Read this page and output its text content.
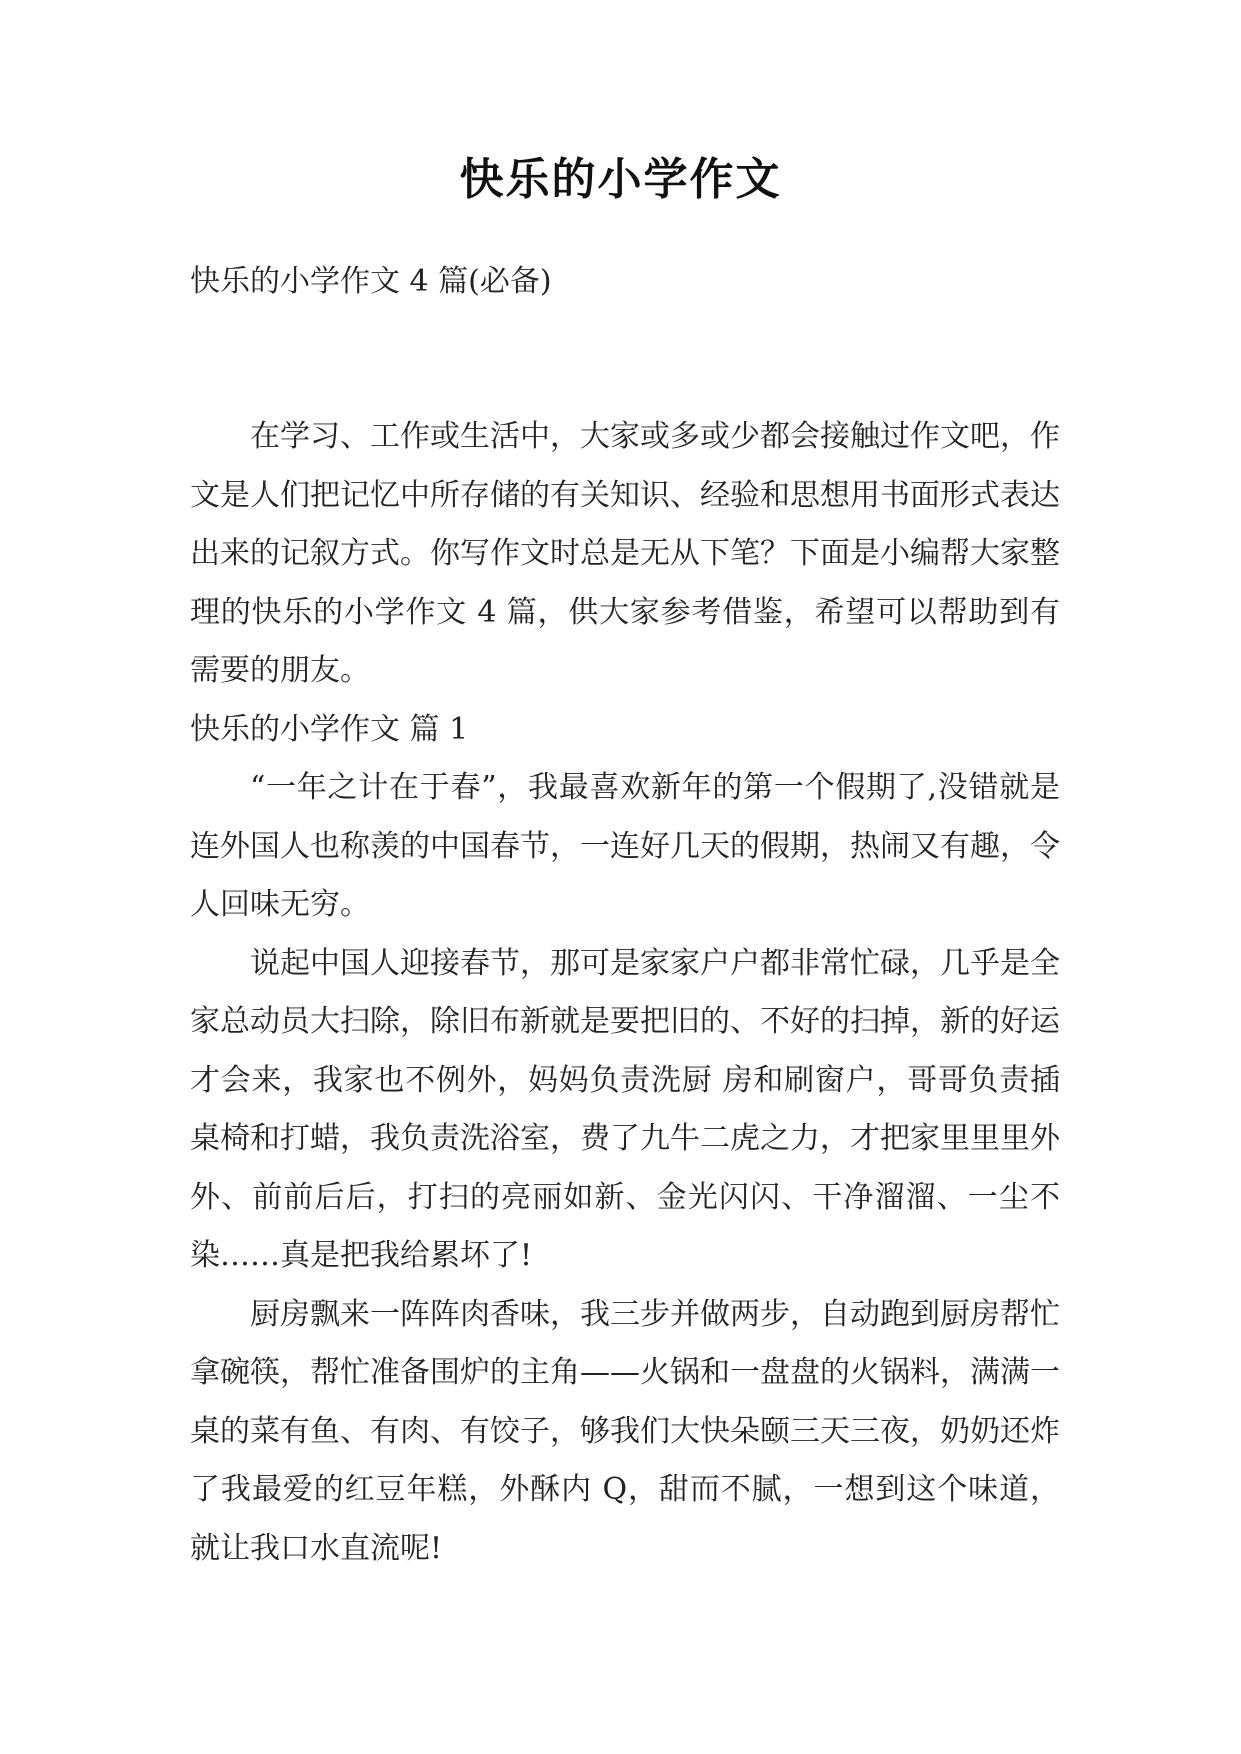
快乐的小学作文
快乐的小学作文 4 篇(必备)

在学习、工作或生活中，大家或多或少都会接触过作文吧，作文是人们把记忆中所存储的有关知识、经验和思想用书面形式表达出来的记叙方式。你写作文时总是无从下笔？下面是小编帮大家整理的快乐的小学作文 4 篇，供大家参考借鉴，希望可以帮助到有需要的朋友。

快乐的小学作文 篇 1

“一年之计在于春”，我最喜欢新年的第一个假期了,没错就是连外国人也称羡的中国春节，一连好几天的假期，热闹又有趣，令人回味无穷。

说起中国人迎接春节，那可是家家户户都非常忙碌，几乎是全家总动员大扫除，除旧布新就是要把旧的、不好的扫掉，新的好运才会来，我家也不例外，妈妈负责洗厨 房和刷窗户，哥哥负责插桌椅和打蜡，我负责洗浴室，费了九牛二虎之力，才把家里里里外外、前前后后，打扫的亮丽如新、金光闪闪、干净溜溜、一尘不 染……真是把我给累坏了!

厨房飘来一阵阵肉香味，我三步并做两步，自动跑到厨房帮忙拿碗筷，帮忙准备围炉的主角——火锅和一盘盘的火锅料，满满一桌的菜有鱼、有肉、有饺子，够我们大快朵颐三天三夜，奶奶还炸了我最爱的红豆年糕，外酥内 Q，甜而不腻，一想到这个味道，就让我口水直流呢!
